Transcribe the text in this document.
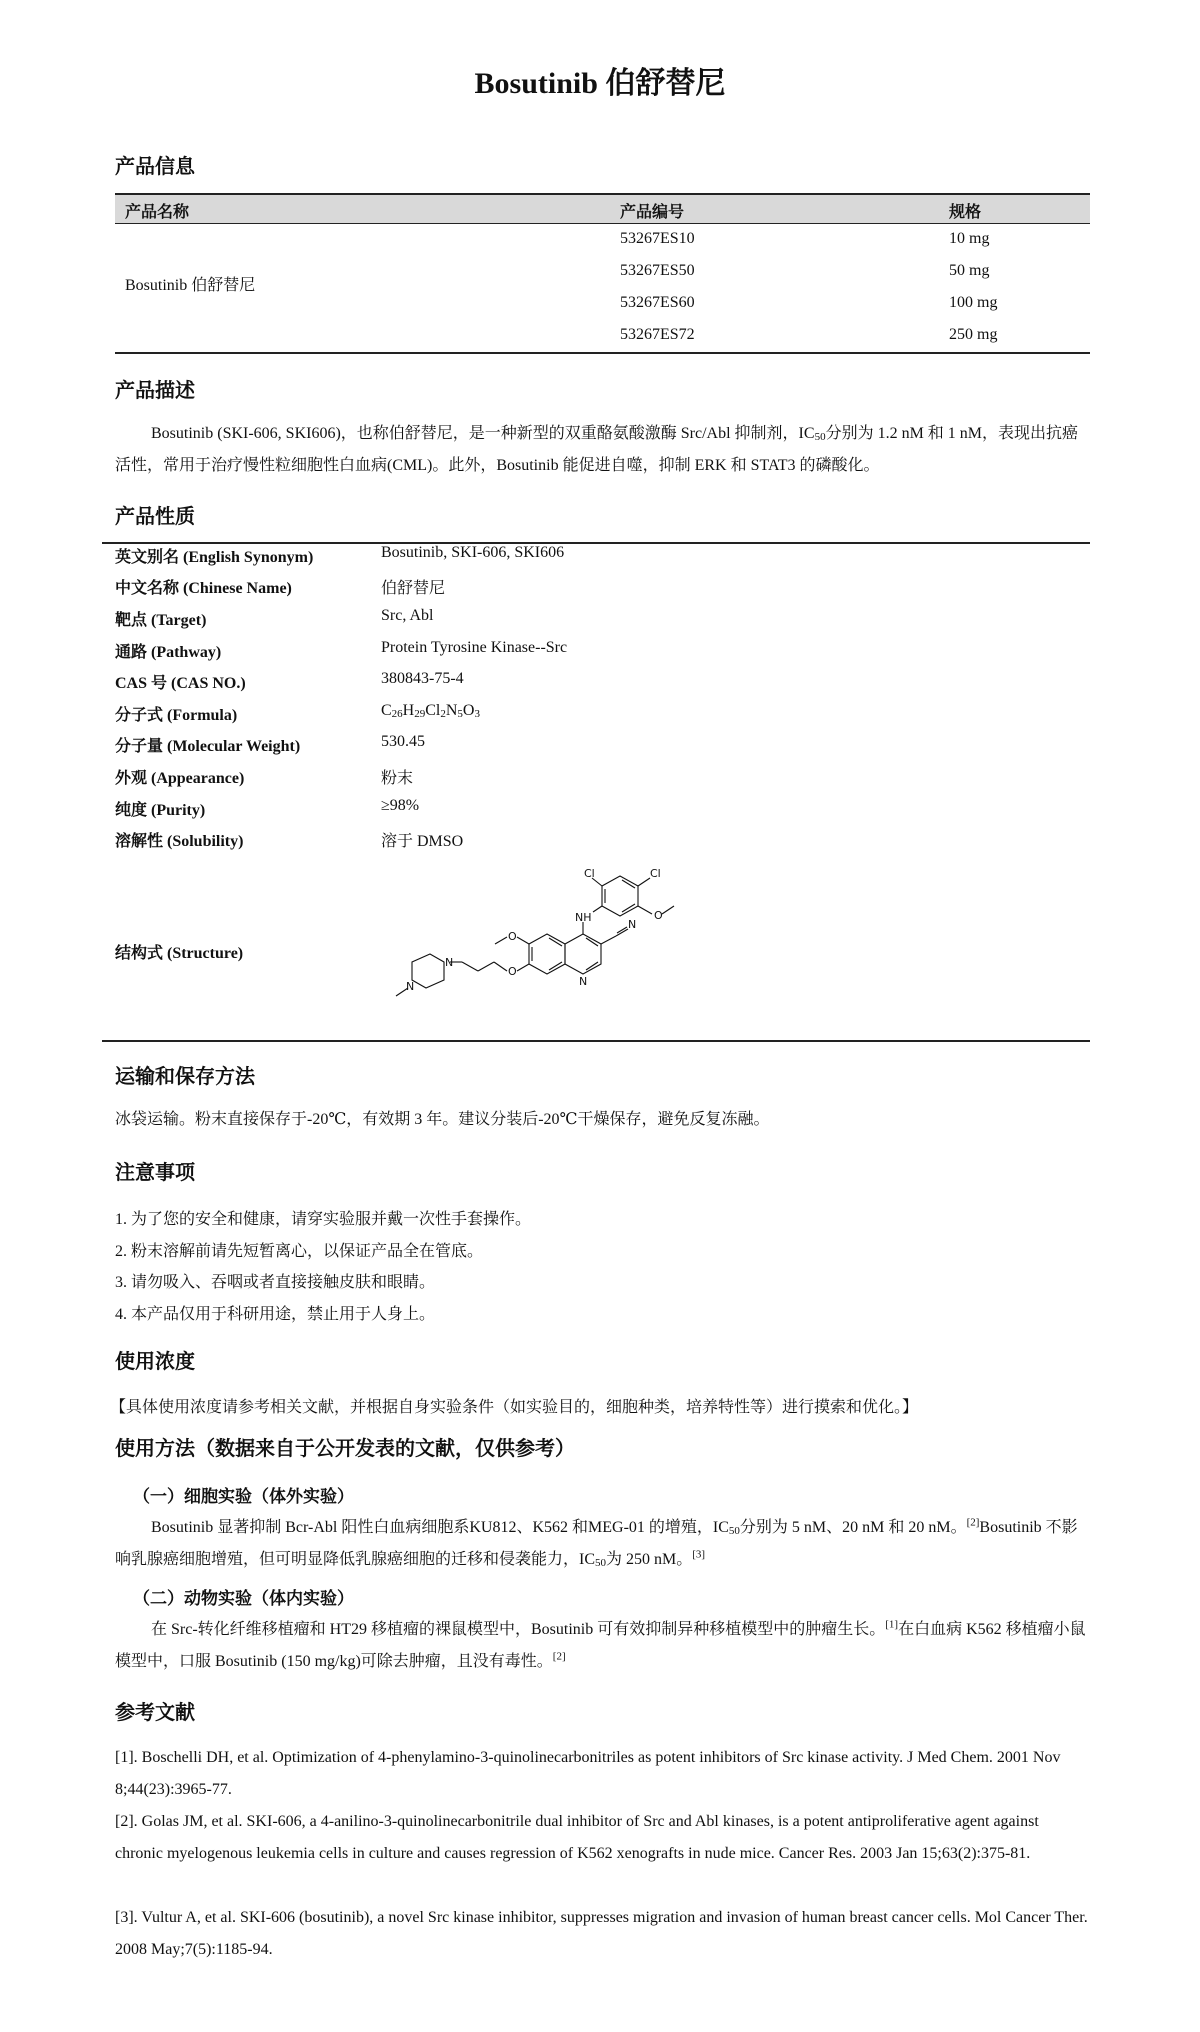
Bosutinib 伯舒替尼
产品信息
产品名称	产品编号	规格
Bosutinib 伯舒替尼
53267ES10	10 mg
53267ES50	50 mg
53267ES60	100 mg
53267ES72	250 mg
产品描述
Bosutinib (SKI-606, SKI606)，也称伯舒替尼，是一种新型的双重酪氨酸激酶 Src/Abl 抑制剂，IC50分别为 1.2 nM 和 1 nM，表现出抗癌活性，常用于治疗慢性粒细胞性白血病(CML)。此外，Bosutinib 能促进自噬，抑制 ERK 和 STAT3 的磷酸化。
产品性质
英文别名 (English Synonym)	Bosutinib, SKI-606, SKI606
中文名称 (Chinese Name)	伯舒替尼
靶点 (Target)	Src, Abl
通路 (Pathway)	Protein Tyrosine Kinase--Src
CAS 号 (CAS NO.)	380843-75-4
分子式 (Formula)	C26H29Cl2N5O3
分子量 (Molecular Weight)	530.45
外观 (Appearance)	粉末
纯度 (Purity)	≥98%
溶解性 (Solubility)	溶于 DMSO
结构式 (Structure)
Cl	Cl
NH	O
N
O
O
N
N
N
运输和保存方法
冰袋运输。粉末直接保存于-20℃，有效期 3 年。建议分装后-20℃干燥保存，避免反复冻融。
注意事项
1. 为了您的安全和健康，请穿实验服并戴一次性手套操作。
2. 粉末溶解前请先短暂离心，以保证产品全在管底。
3. 请勿吸入、吞咽或者直接接触皮肤和眼睛。
4. 本产品仅用于科研用途，禁止用于人身上。
使用浓度
【具体使用浓度请参考相关文献，并根据自身实验条件（如实验目的，细胞种类，培养特性等）进行摸索和优化。】
使用方法（数据来自于公开发表的文献，仅供参考）
（一）细胞实验（体外实验）
Bosutinib 显著抑制 Bcr-Abl 阳性白血病细胞系KU812、K562 和MEG-01 的增殖，IC50分别为 5 nM、20 nM 和 20 nM。[2]Bosutinib 不影响乳腺癌细胞增殖，但可明显降低乳腺癌细胞的迁移和侵袭能力，IC50为 250 nM。[3]
（二）动物实验（体内实验）
在 Src-转化纤维移植瘤和 HT29 移植瘤的裸鼠模型中，Bosutinib 可有效抑制异种移植模型中的肿瘤生长。[1]在白血病 K562 移植瘤小鼠模型中，口服 Bosutinib (150 mg/kg)可除去肿瘤，且没有毒性。[2]
参考文献
[1]. Boschelli DH, et al. Optimization of 4-phenylamino-3-quinolinecarbonitriles as potent inhibitors of Src kinase activity. J Med Chem. 2001 Nov 8;44(23):3965-77.
[2]. Golas JM, et al. SKI-606, a 4-anilino-3-quinolinecarbonitrile dual inhibitor of Src and Abl kinases, is a potent antiproliferative agent against chronic myelogenous leukemia cells in culture and causes regression of K562 xenografts in nude mice. Cancer Res. 2003 Jan 15;63(2):375-81.
[3]. Vultur A, et al. SKI-606 (bosutinib), a novel Src kinase inhibitor, suppresses migration and invasion of human breast cancer cells. Mol Cancer Ther. 2008 May;7(5):1185-94.
